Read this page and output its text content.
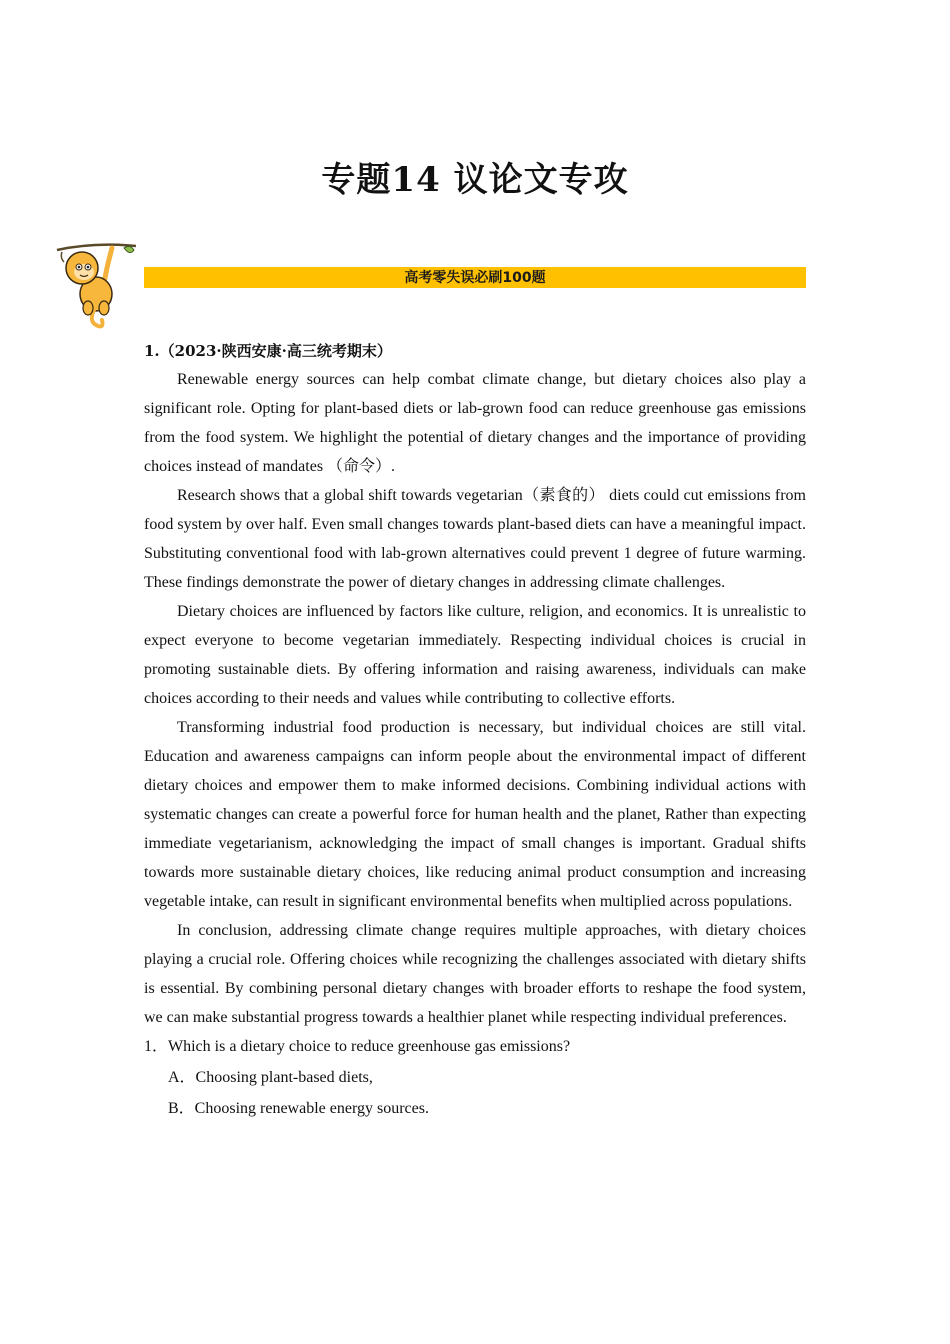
专题14 议论文专攻
高考零失误必刷100题

1.（2023·陕西安康·高三统考期末）

Renewable energy sources can help combat climate change, but dietary choices also play a significant role. Opting for plant-based diets or lab-grown food can reduce greenhouse gas emissions from the food system. We highlight the potential of dietary changes and the importance of providing choices instead of mandates （命令）.

Research shows that a global shift towards vegetarian（素食的） diets could cut emissions from food system by over half. Even small changes towards plant-based diets can have a meaningful impact. Substituting conventional food with lab-grown alternatives could prevent 1 degree of future warming. These findings demonstrate the power of dietary changes in addressing climate challenges.

Dietary choices are influenced by factors like culture, religion, and economics. It is unrealistic to expect everyone to become vegetarian immediately. Respecting individual choices is crucial in promoting sustainable diets. By offering information and raising awareness, individuals can make choices according to their needs and values while contributing to collective efforts.

Transforming industrial food production is necessary, but individual choices are still vital. Education and awareness campaigns can inform people about the environmental impact of different dietary choices and empower them to make informed decisions. Combining individual actions with systematic changes can create a powerful force for human health and the planet, Rather than expecting immediate vegetarianism, acknowledging the impact of small changes is important. Gradual shifts towards more sustainable dietary choices, like reducing animal product consumption and increasing vegetable intake, can result in significant environmental benefits when multiplied across populations.

In conclusion, addressing climate change requires multiple approaches, with dietary choices playing a crucial role. Offering choices while recognizing the challenges associated with dietary shifts is essential. By combining personal dietary changes with broader efforts to reshape the food system, we can make substantial progress towards a healthier planet while respecting individual preferences.

1．Which is a dietary choice to reduce greenhouse gas emissions?

A．Choosing plant-based diets,

B．Choosing renewable energy sources.
